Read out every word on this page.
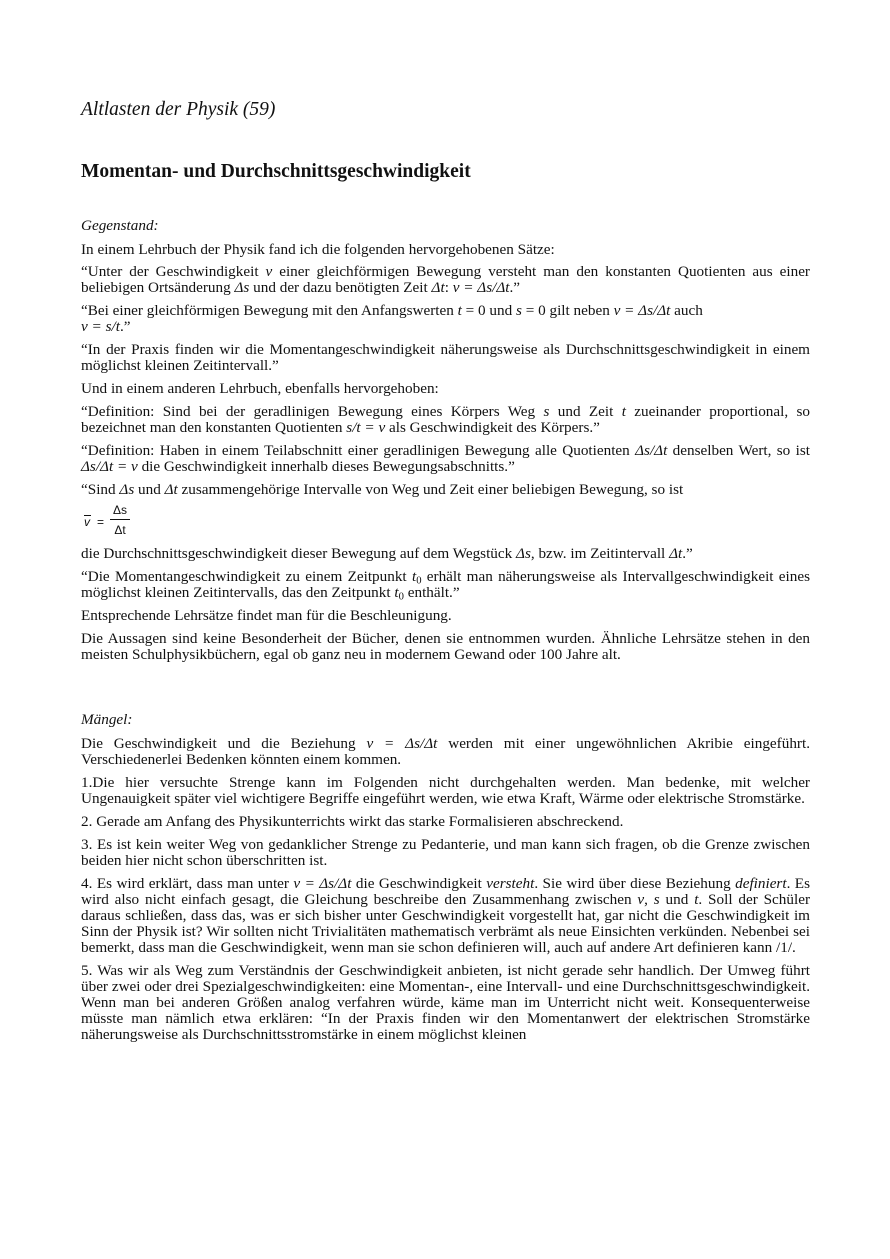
Altlasten der Physik (59)
Momentan- und Durchschnittsgeschwindigkeit

Gegenstand:

In einem Lehrbuch der Physik fand ich die folgenden hervorgehobenen Sätze:

“Unter der Geschwindigkeit v einer gleichförmigen Bewegung versteht man den konstanten Quotienten aus einer beliebigen Ortsänderung Δs und der dazu benötigten Zeit Δt: v = Δs/Δt.”

“Bei einer gleichförmigen Bewegung mit den Anfangswerten t = 0 und s = 0 gilt neben v = Δs/Δt auch
v = s/t.”

“In der Praxis finden wir die Momentangeschwindigkeit näherungsweise als Durchschnittsgeschwindigkeit in einem möglichst kleinen Zeitintervall.”

Und in einem anderen Lehrbuch, ebenfalls hervorgehoben:

“Definition: Sind bei der geradlinigen Bewegung eines Körpers Weg s und Zeit t zueinander proportional, so bezeichnet man den konstanten Quotienten s/t = v als Geschwindigkeit des Körpers.”

“Definition: Haben in einem Teilabschnitt einer geradlinigen Bewegung alle Quotienten Δs/Δt denselben Wert, so ist Δs/Δt = v die Geschwindigkeit innerhalb dieses Bewegungsabschnitts.”

“Sind Δs und Δt zusammengehörige Intervalle von Weg und Zeit einer beliebigen Bewegung, so ist

v =
Δs
Δt

die Durchschnittsgeschwindigkeit dieser Bewegung auf dem Wegstück Δs, bzw. im Zeitintervall Δt.”

“Die Momentangeschwindigkeit zu einem Zeitpunkt $t_0$ erhält man näherungsweise als Intervallgeschwindigkeit eines möglichst kleinen Zeitintervalls, das den Zeitpunkt $t_0$ enthält.”

Entsprechende Lehrsätze findet man für die Beschleunigung.

Die Aussagen sind keine Besonderheit der Bücher, denen sie entnommen wurden. Ähnliche Lehrsätze stehen in den meisten Schulphysikbüchern, egal ob ganz neu in modernem Gewand oder 100 Jahre alt.

Mängel:

Die Geschwindigkeit und die Beziehung v = Δs/Δt werden mit einer ungewöhnlichen Akribie eingeführt. Verschiedenerlei Bedenken könnten einem kommen.

1.Die hier versuchte Strenge kann im Folgenden nicht durchgehalten werden. Man bedenke, mit welcher Ungenauigkeit später viel wichtigere Begriffe eingeführt werden, wie etwa Kraft, Wärme oder elektrische Stromstärke.

2. Gerade am Anfang des Physikunterrichts wirkt das starke Formalisieren abschreckend.

3. Es ist kein weiter Weg von gedanklicher Strenge zu Pedanterie, und man kann sich fragen, ob die Grenze zwischen beiden hier nicht schon überschritten ist.

4. Es wird erklärt, dass man unter v = Δs/Δt die Geschwindigkeit versteht. Sie wird über diese Beziehung definiert. Es wird also nicht einfach gesagt, die Gleichung beschreibe den Zusammenhang zwischen v, s und t. Soll der Schüler daraus schließen, dass das, was er sich bisher unter Geschwindigkeit vorgestellt hat, gar nicht die Geschwindigkeit im Sinn der Physik ist? Wir sollten nicht Trivialitäten mathematisch verbrämt als neue Einsichten verkünden. Nebenbei sei bemerkt, dass man die Geschwindigkeit, wenn man sie schon definieren will, auch auf andere Art definieren kann /1/.

5. Was wir als Weg zum Verständnis der Geschwindigkeit anbieten, ist nicht gerade sehr handlich. Der Umweg führt über zwei oder drei Spezialgeschwindigkeiten: eine Momentan-, eine Intervall- und eine Durchschnittsgeschwindigkeit. Wenn man bei anderen Größen analog verfahren würde, käme man im Unterricht nicht weit. Konsequenterweise müsste man nämlich etwa erklären: “In der Praxis finden wir den Momentanwert der elektrischen Stromstärke näherungsweise als Durchschnittsstromstärke in einem möglichst kleinen
